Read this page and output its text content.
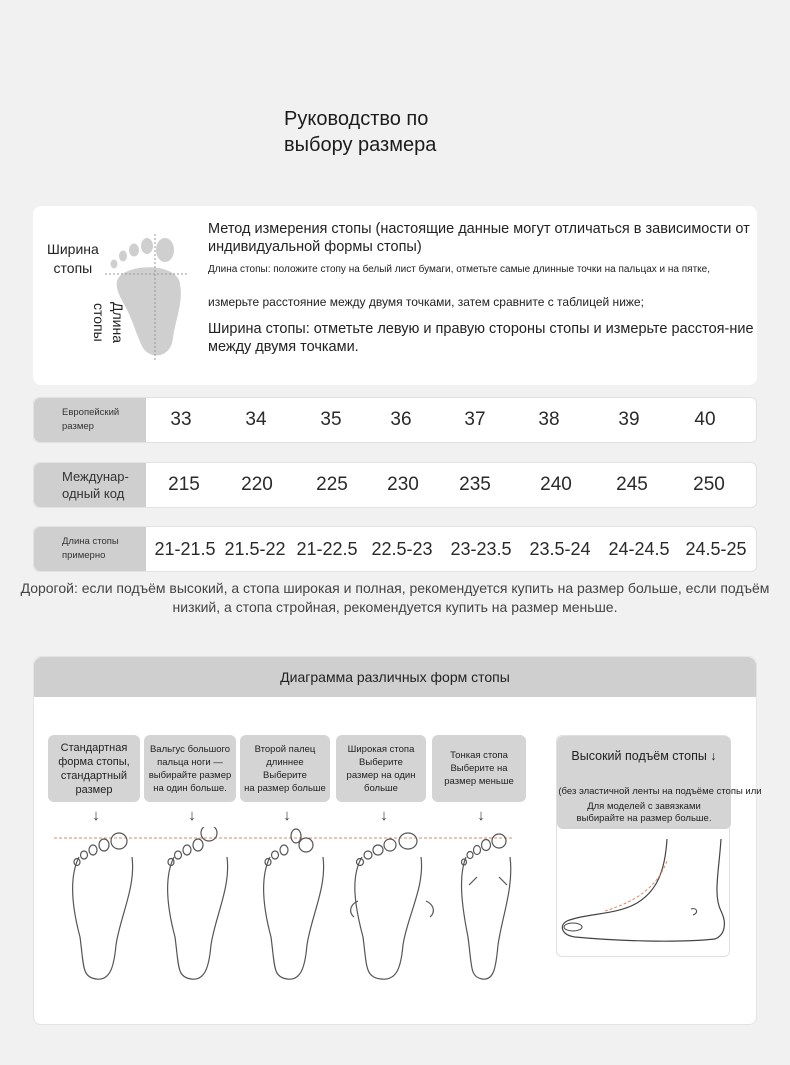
Руководство по
выбору размера
Ширина
стопы
Длина
стопы
Метод измерения стопы (настоящие данные могут отличаться в зависимости от индивидуальной формы стопы)
Длина стопы: положите стопу на белый лист бумаги, отметьте самые длинные точки на пальцах и на пятке,
измерьте расстояние между двумя точками, затем сравните с таблицей ниже;
Ширина стопы: отметьте левую и правую стороны стопы и измерьте расстоя-ние между двумя точками.
Европейский
размер	33	34	35	36	37	38	39	40
Междунар-
одный код	215	220	225	230	235	240	245	250
Длина стопы
примерно	21-21.5 21.5-22 21-22.5 22.5-23 23-23.5 23.5-24 24-24.5 24.5-25
Дорогой: если подъём высокий, а стопа широкая и полная, рекомендуется купить на размер больше, если подъём низкий, а стопа стройная, рекомендуется купить на размер меньше.
Диаграмма различных форм стопы
Стандартная
форма стопы,
стандартный
размер
Вальгус большого
пальца ноги —
выбирайте размер
на один больше.
Второй палец
длиннее Выберите
на размер больше
Широкая стопа
Выберите
размер на один
больше
Тонкая стопа
Выберите на
размер меньше
↓	↓	↓	↓	↓
Высокий подъём стопы ↓
(без эластичной ленты на подъёме стопы или
Для моделей с завязками
выбирайте на размер больше.
